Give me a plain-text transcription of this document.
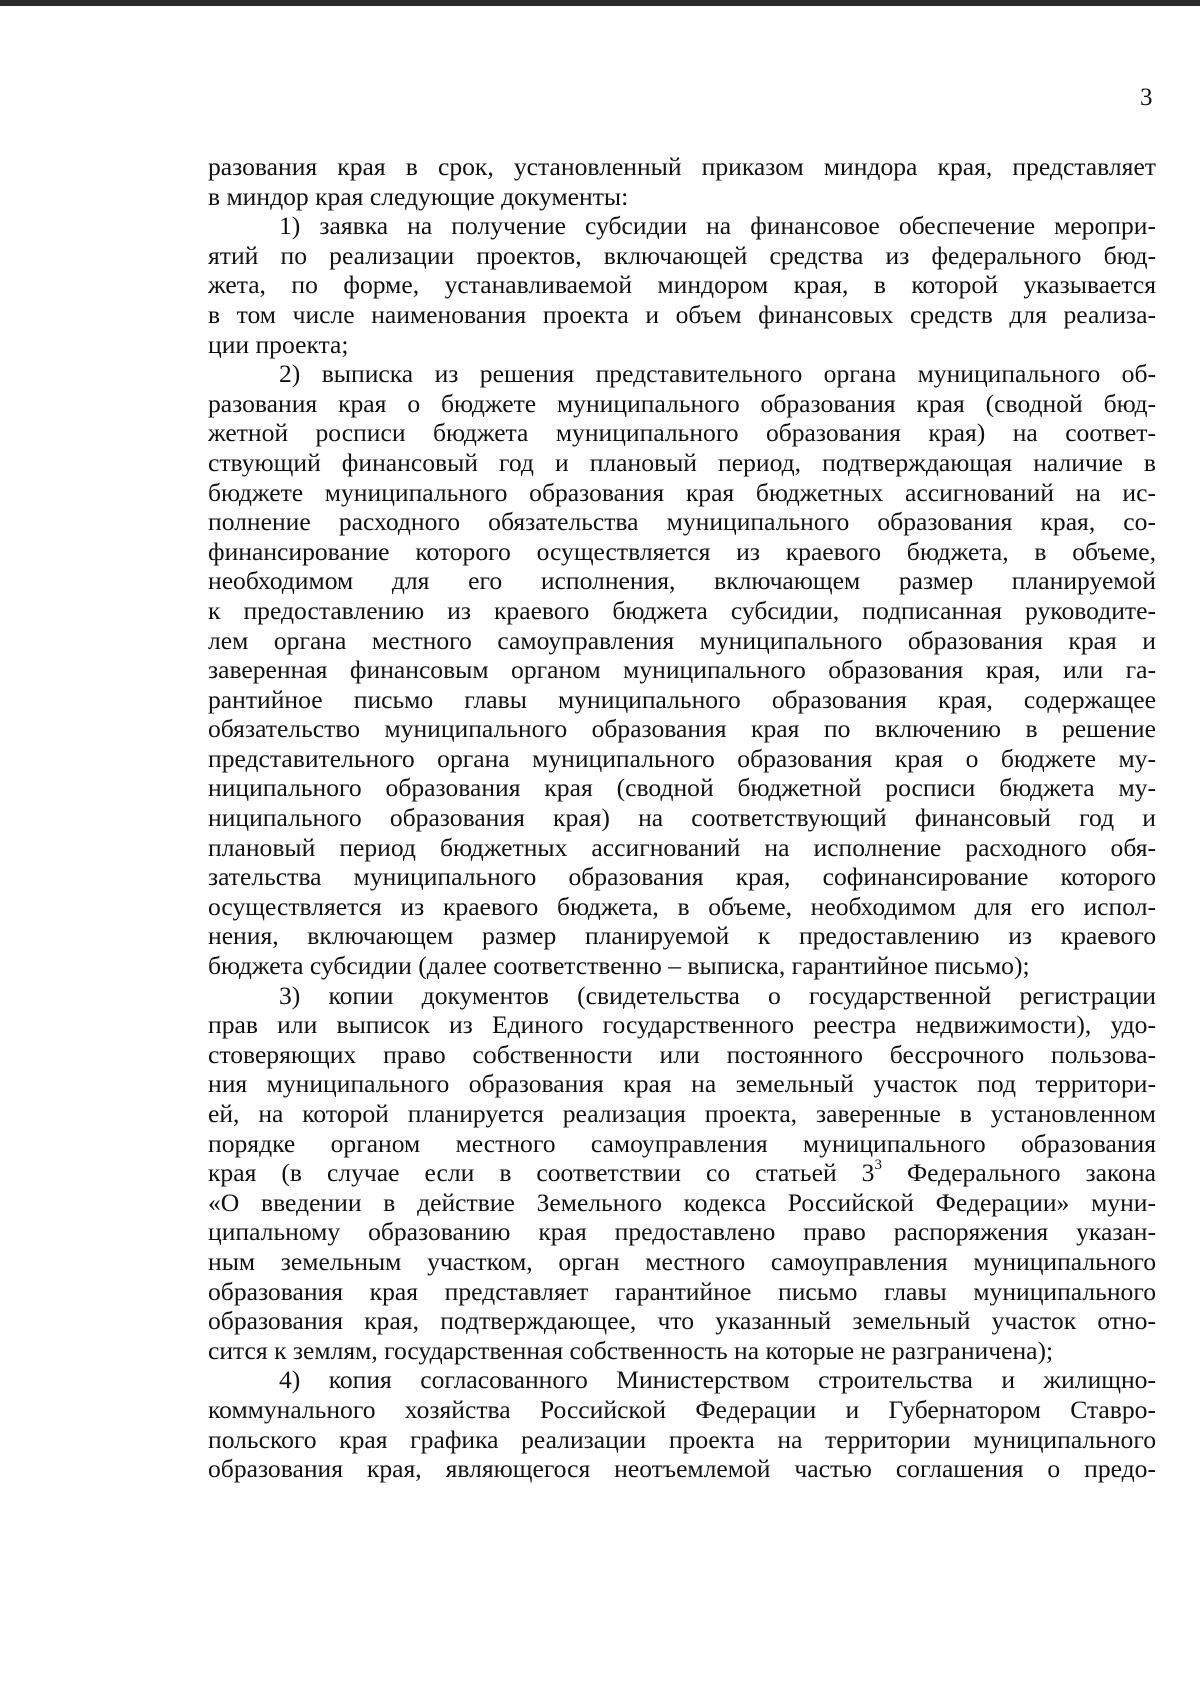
3
разования края в срок, установленный приказом миндора края, представляет
в миндор края следующие документы:
1) заявка на получение субсидии на финансовое обеспечение меропри-
ятий по реализации проектов, включающей средства из федерального бюд-
жета, по форме, устанавливаемой миндором края, в которой указывается
в том числе наименования проекта и объем финансовых средств для реализа-
ции проекта;
2) выписка из решения представительного органа муниципального об-
разования края о бюджете муниципального образования края (сводной бюд-
жетной росписи бюджета муниципального образования края) на соответ-
ствующий финансовый год и плановый период, подтверждающая наличие в
бюджете муниципального образования края бюджетных ассигнований на ис-
полнение расходного обязательства муниципального образования края, со-
финансирование которого осуществляется из краевого бюджета, в объеме,
необходимом для его исполнения, включающем размер планируемой
к предоставлению из краевого бюджета субсидии, подписанная руководите-
лем органа местного самоуправления муниципального образования края и
заверенная финансовым органом муниципального образования края, или га-
рантийное письмо главы муниципального образования края, содержащее
обязательство муниципального образования края по включению в решение
представительного органа муниципального образования края о бюджете му-
ниципального образования края (сводной бюджетной росписи бюджета му-
ниципального образования края) на соответствующий финансовый год и
плановый период бюджетных ассигнований на исполнение расходного обя-
зательства муниципального образования края, софинансирование которого
осуществляется из краевого бюджета, в объеме, необходимом для его испол-
нения, включающем размер планируемой к предоставлению из краевого
бюджета субсидии (далее соответственно – выписка, гарантийное письмо);
3) копии документов (свидетельства о государственной регистрации
прав или выписок из Единого государственного реестра недвижимости), удо-
стоверяющих право собственности или постоянного бессрочного пользова-
ния муниципального образования края на земельный участок под территори-
ей, на которой планируется реализация проекта, заверенные в установленном
порядке органом местного самоуправления муниципального образования
края (в случае если в соответствии со статьей $3^3$ Федерального закона
«О введении в действие Земельного кодекса Российской Федерации» муни-
ципальному образованию края предоставлено право распоряжения указан-
ным земельным участком, орган местного самоуправления муниципального
образования края представляет гарантийное письмо главы муниципального
образования края, подтверждающее, что указанный земельный участок отно-
сится к землям, государственная собственность на которые не разграничена);
4) копия согласованного Министерством строительства и жилищно-
коммунального хозяйства Российской Федерации и Губернатором Ставро-
польского края графика реализации проекта на территории муниципального
образования края, являющегося неотъемлемой частью соглашения о предо-
